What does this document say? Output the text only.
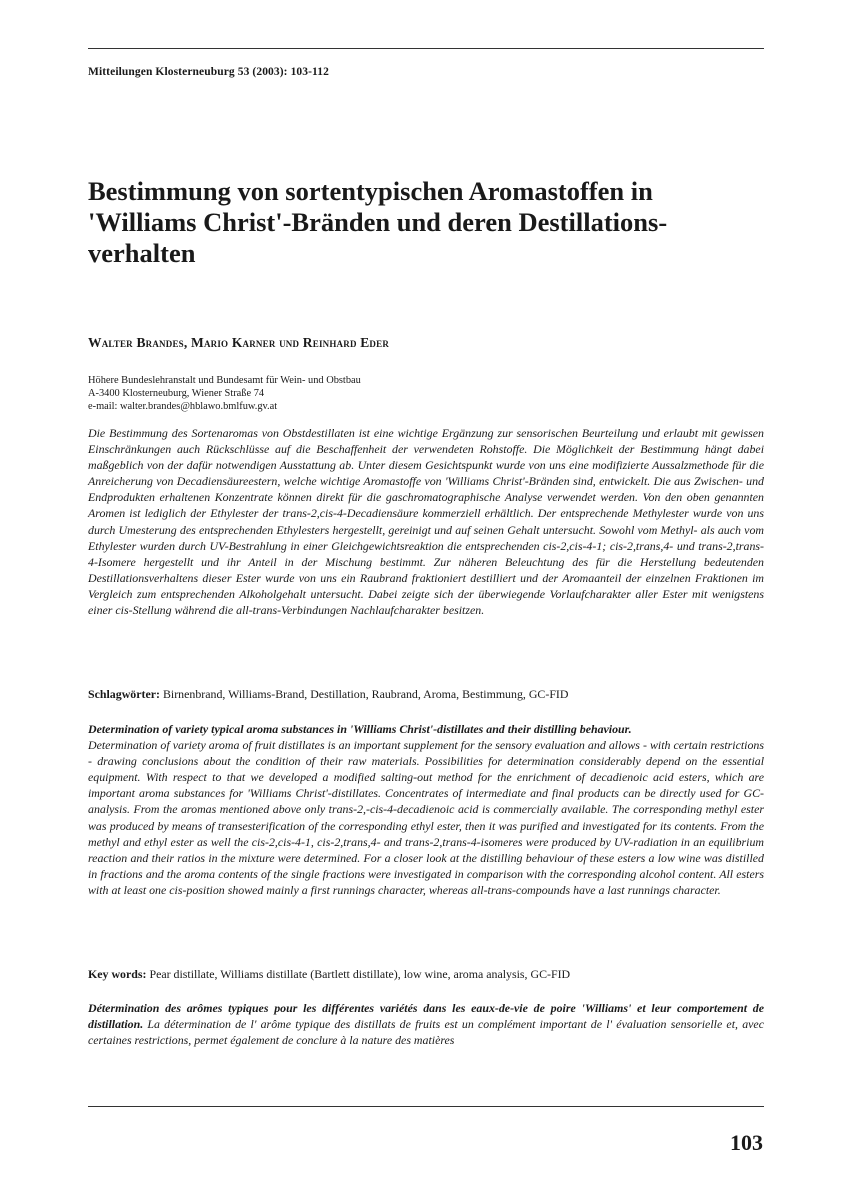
Mitteilungen Klosterneuburg 53 (2003): 103-112
Bestimmung von sortentypischen Aromastoffen in 'Williams Christ'-Bränden und deren Destillations-verhalten
Walter Brandes, Mario Karner und Reinhard Eder
Höhere Bundeslehranstalt und Bundesamt für Wein- und Obstbau
A-3400 Klosterneuburg, Wiener Straße 74
e-mail: walter.brandes@hblawo.bmlfuw.gv.at

Die Bestimmung des Sortenaromas von Obstdestillaten ist eine wichtige Ergänzung zur sensorischen Beurteilung und erlaubt mit gewissen Einschränkungen auch Rückschlüsse auf die Beschaffenheit der verwendeten Rohstoffe. Die Möglichkeit der Bestimmung hängt dabei maßgeblich von der dafür notwendigen Ausstattung ab. Unter diesem Gesichtspunkt wurde von uns eine modifizierte Aussalzmethode für die Anreicherung von Decadiensäureestern, welche wichtige Aromastoffe von 'Williams Christ'-Bränden sind, entwickelt. Die aus Zwischen- und Endprodukten erhaltenen Konzentrate können direkt für die gaschromatographische Analyse verwendet werden. Von den oben genannten Aromen ist lediglich der Ethylester der trans-2,cis-4-Decadiensäure kommerziell erhältlich. Der entsprechende Methylester wurde von uns durch Umesterung des entsprechenden Ethylesters hergestellt, gereinigt und auf seinen Gehalt untersucht. Sowohl vom Methyl- als auch vom Ethylester wurden durch UV-Bestrahlung in einer Gleichgewichtsreaktion die entsprechenden cis-2,cis-4-1; cis-2,trans,4- und trans-2,trans-4-Isomere hergestellt und ihr Anteil in der Mischung bestimmt. Zur näheren Beleuchtung des für die Herstellung bedeutenden Destillationsverhaltens dieser Ester wurde von uns ein Raubrand fraktioniert destilliert und der Aromaanteil der einzelnen Fraktionen im Vergleich zum entsprechenden Alkoholgehalt untersucht. Dabei zeigte sich der überwiegende Vorlaufcharakter aller Ester mit wenigstens einer cis-Stellung während die all-trans-Verbindungen Nachlaufcharakter besitzen.

Schlagwörter: Birnenbrand, Williams-Brand, Destillation, Raubrand, Aroma, Bestimmung, GC-FID

Determination of variety typical aroma substances in 'Williams Christ'-distillates and their distilling behaviour.
Determination of variety aroma of fruit distillates is an important supplement for the sensory evaluation and allows - with certain restrictions - drawing conclusions about the condition of their raw materials. Possibilities for determination considerably depend on the essential equipment. With respect to that we developed a modified salting-out method for the enrichment of decadienoic acid esters, which are important aroma substances for 'Williams Christ'-distillates. Concentrates of intermediate and final products can be directly used for GC-analysis. From the aromas mentioned above only trans-2,-cis-4-decadienoic acid is commercially available. The corresponding methyl ester was produced by means of transesterification of the corresponding ethyl ester, then it was purified and investigated for its contents. From the methyl and ethyl ester as well the cis-2,cis-4-1, cis-2,trans,4- and trans-2,trans-4-isomeres were produced by UV-radiation in an equilibrium reaction and their ratios in the mixture were determined. For a closer look at the distilling behaviour of these esters a low wine was distilled in fractions and the aroma contents of the single fractions were investigated in comparison with the corresponding alcohol content. All esters with at least one cis-position showed mainly a first runnings character, whereas all-trans-compounds have a last runnings character.

Key words: Pear distillate, Williams distillate (Bartlett distillate), low wine, aroma analysis, GC-FID

Détermination des arômes typiques pour les différentes variétés dans les eaux-de-vie de poire 'Williams' et leur comportement de distillation. La détermination de l' arôme typique des distillats de fruits est un complément important de l' évaluation sensorielle et, avec certaines restrictions, permet également de conclure à la nature des matières

103
